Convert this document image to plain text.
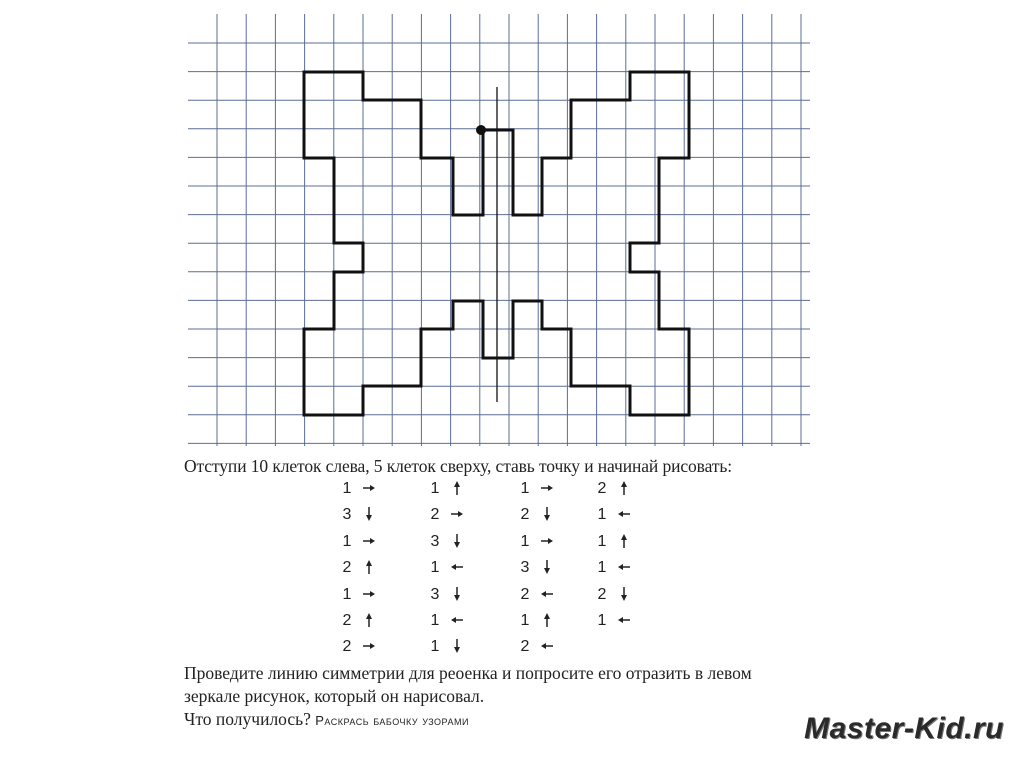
Отступи 10 клеток слева, 5 клеток сверху, ставь точку и начинай рисовать:
1
3
1
2
1
2
2
1
2
3
1
3
1
1
1
2
1
3
2
1
2
2
1
1
1
2
1
Проведите линию симметрии для реоенка и попросите его отразить в левом
зеркале рисунок, который он нарисовал.
Что получилось? Раскрась бабочку узорами	Master-Kid.ru
